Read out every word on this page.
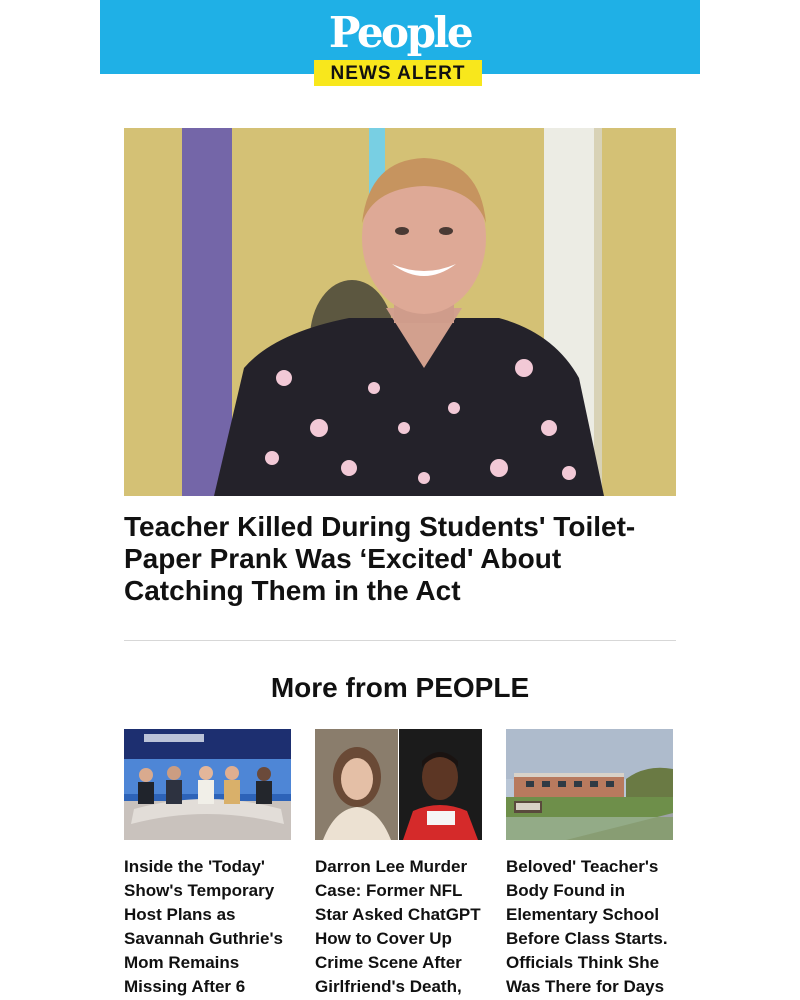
People
NEWS ALERT
Teacher Killed During Students' Toilet-Paper Prank Was ‘Excited' About Catching Them in the Act
More from PEOPLE
Inside the 'Today' Show's Temporary Host Plans as Savannah Guthrie's Mom Remains Missing After 6
Darron Lee Murder Case: Former NFL Star Asked ChatGPT How to Cover Up Crime Scene After Girlfriend's Death,
Beloved' Teacher's Body Found in Elementary School Before Class Starts. Officials Think She Was There for Days
